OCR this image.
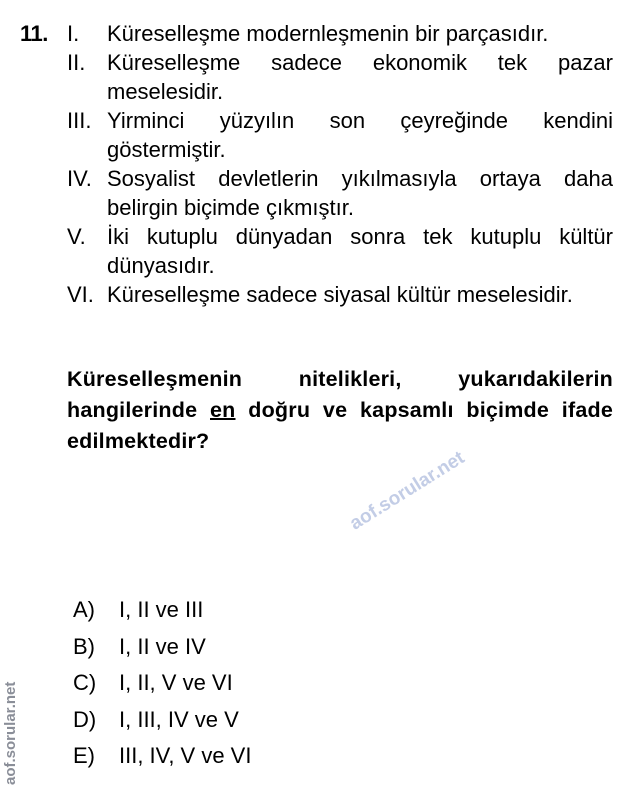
11. I. Küreselleşme modernleşmenin bir parçasıdır.
II. Küreselleşme sadece ekonomik tek pazar meselesidir.
III. Yirminci yüzyılın son çeyreğinde kendini göstermiştir.
IV. Sosyalist devletlerin yıkılmasıyla ortaya daha belirgin biçimde çıkmıştır.
V. İki kutuplu dünyadan sonra tek kutuplu kültür dünyasıdır.
VI. Küreselleşme sadece siyasal kültür meselesidir.
Küreselleşmenin nitelikleri, yukarıdakilerin hangilerinde en doğru ve kapsamlı biçimde ifade edilmektedir?
aof.sorular.net
A)	I, II ve III
B)	I, II ve IV
C)	I, II, V ve VI
D)	I, III, IV ve V
E)	III, IV, V ve VI
aof.sorular.net
